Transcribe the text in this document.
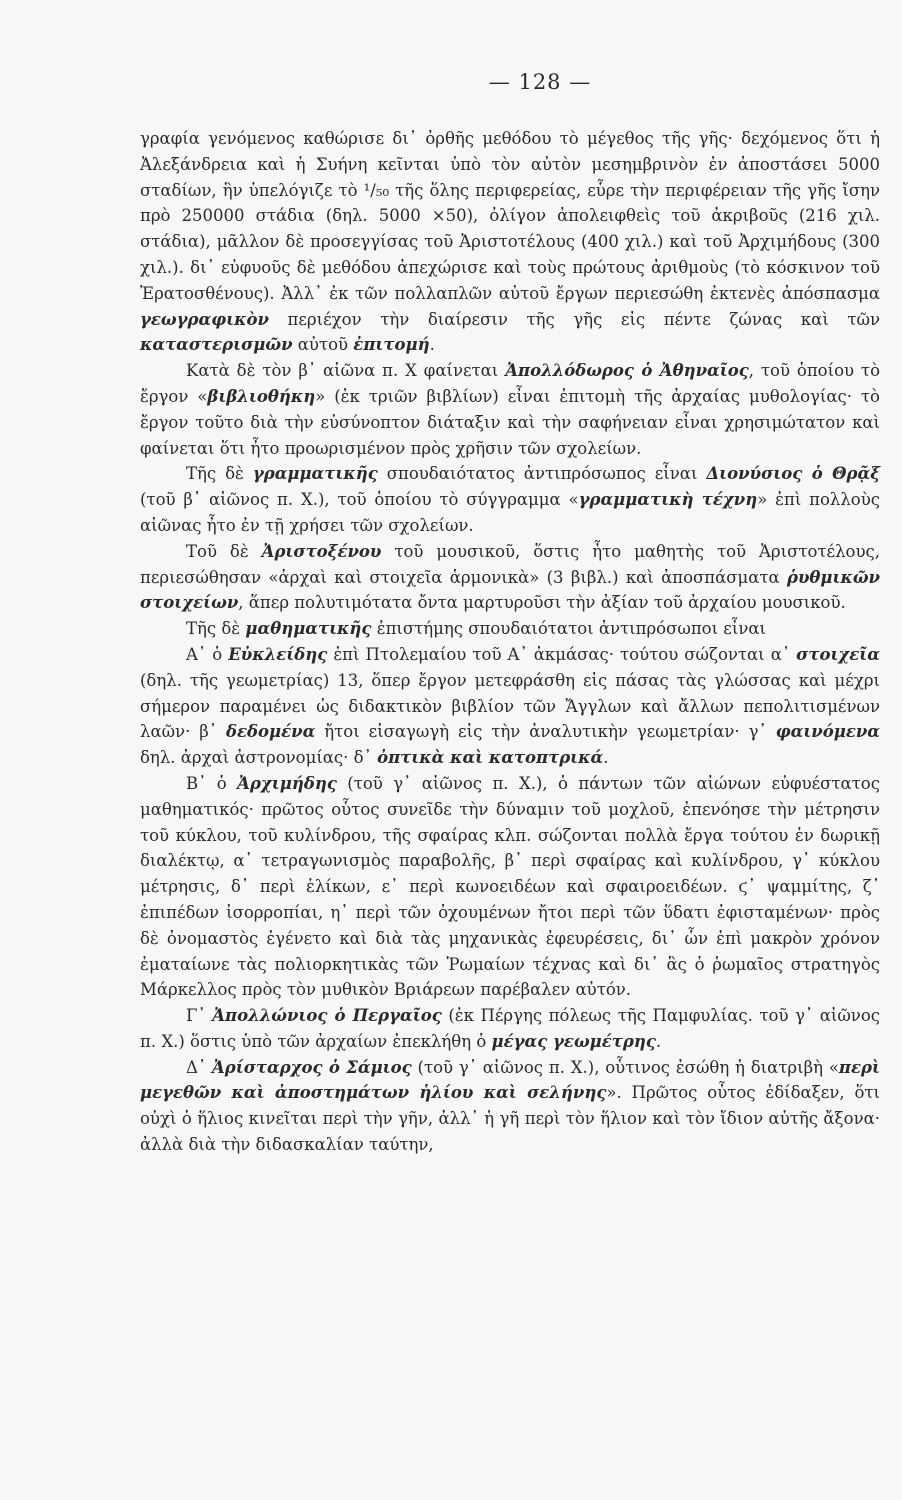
— 128 —

γραφία γενόμενος καθώρισε δι᾽ ὀρθῆς μεθόδου τὸ μέγεθος τῆς γῆς· δεχόμενος ὅτι ἡ Ἀλεξάνδρεια καὶ ἡ Συήνη κεῖνται ὑπὸ τὸν αὐτὸν μεσημβρινὸν ἐν ἀποστάσει 5000 σταδίων, ἣν ὑπελόγιζε τὸ ¹/₅₀ τῆς ὅλης περιφερείας, εὗρε τὴν περιφέρειαν τῆς γῆς ἴσην πρὸ 250000 στάδια (δηλ. 5000 ×50), ὀλίγον ἀπολειφθεὶς τοῦ ἀκριβοῦς (216 χιλ. στάδια), μᾶλλον δὲ προσεγγίσας τοῦ Ἀριστοτέλους (400 χιλ.) καὶ τοῦ Ἀρχιμήδους (300 χιλ.). δι᾽ εὐφυοῦς δὲ μεθόδου ἀπεχώρισε καὶ τοὺς πρώτους ἀριθμοὺς (τὸ κόσκινον τοῦ Ἐρατοσθένους). Ἀλλ᾽ ἐκ τῶν πολλαπλῶν αὐτοῦ ἔργων περιεσώθη ἐκτενὲς ἀπόσπασμα γεωγραφικὸν περιέχον τὴν διαίρεσιν τῆς γῆς εἰς πέντε ζώνας καὶ τῶν καταστερισμῶν αὐτοῦ ἐπιτομή.

Κατὰ δὲ τὸν β᾽ αἰῶνα π. Χ φαίνεται Ἀπολλόδωρος ὁ Ἀθηναῖος, τοῦ ὁποίου τὸ ἔργον «βιβλιοθήκη» (ἐκ τριῶν βιβλίων) εἶναι ἐπιτομὴ τῆς ἀρχαίας μυθολογίας· τὸ ἔργον τοῦτο διὰ τὴν εὐσύνοπτον διάταξιν καὶ τὴν σαφήνειαν εἶναι χρησιμώτατον καὶ φαίνεται ὅτι ἦτο προωρισμένον πρὸς χρῆσιν τῶν σχολείων.

Τῆς δὲ γραμματικῆς σπουδαιότατος ἀντιπρόσωπος εἶναι Διονύσιος ὁ Θρᾷξ (τοῦ β᾽ αἰῶνος π. Χ.), τοῦ ὁποίου τὸ σύγγραμμα «γραμματικὴ τέχνη» ἐπὶ πολλοὺς αἰῶνας ἦτο ἐν τῇ χρήσει τῶν σχολείων.

Τοῦ δὲ Ἀριστοξένου τοῦ μουσικοῦ, ὅστις ἦτο μαθητὴς τοῦ Ἀριστοτέλους, περιεσώθησαν «ἀρχαὶ καὶ στοιχεῖα ἁρμονικὰ» (3 βιβλ.) καὶ ἀποσπάσματα ῥυθμικῶν στοιχείων, ἅπερ πολυτιμότατα ὄντα μαρτυροῦσι τὴν ἀξίαν τοῦ ἀρχαίου μουσικοῦ.

Τῆς δὲ μαθηματικῆς ἐπιστήμης σπουδαιότατοι ἀντιπρόσωποι εἶναι

Α᾽ ὁ Εὐκλείδης ἐπὶ Πτολεμαίου τοῦ Α᾽ ἀκμάσας· τούτου σώζονται α᾽ στοιχεῖα (δηλ. τῆς γεωμετρίας) 13, ὅπερ ἔργον μετεφράσθη εἰς πάσας τὰς γλώσσας καὶ μέχρι σήμερον παραμένει ὡς διδακτικὸν βιβλίον τῶν Ἄγγλων καὶ ἄλλων πεπολιτισμένων λαῶν· β᾽ δεδομένα ἤτοι εἰσαγωγὴ εἰς τὴν ἀναλυτικὴν γεωμετρίαν· γ᾽ φαινόμενα δηλ. ἀρχαὶ ἀστρονομίας· δ᾽ ὀπτικὰ καὶ κατοπτρικά.

Β᾽ ὁ Ἀρχιμήδης (τοῦ γ᾽ αἰῶνος π. Χ.), ὁ πάντων τῶν αἰώνων εὐφυέστατος μαθηματικός· πρῶτος οὗτος συνεῖδε τὴν δύναμιν τοῦ μοχλοῦ, ἐπενόησε τὴν μέτρησιν τοῦ κύκλου, τοῦ κυλίνδρου, τῆς σφαίρας κλπ. σώζονται πολλὰ ἔργα τούτου ἐν δωρικῇ διαλέκτῳ, α᾽ τετραγωνισμὸς παραβολῆς, β᾽ περὶ σφαίρας καὶ κυλίνδρου, γ᾽ κύκλου μέτρησις, δ᾽ περὶ ἑλίκων, ε᾽ περὶ κωνοειδέων καὶ σφαιροειδέων. ϛ᾽ ψαμμίτης, ζ᾽ ἐπιπέδων ἰσορροπίαι, η᾽ περὶ τῶν ὀχουμένων ἤτοι περὶ τῶν ὕδατι ἐφισταμένων· πρὸς δὲ ὀνομαστὸς ἐγένετο καὶ διὰ τὰς μηχανικὰς ἐφευρέσεις, δι᾽ ὧν ἐπὶ μακρὸν χρόνον ἐματαίωνε τὰς πολιορκητικὰς τῶν Ῥωμαίων τέχνας καὶ δι᾽ ἃς ὁ ῥωμαῖος στρατηγὸς Μάρκελλος πρὸς τὸν μυθικὸν Βριάρεων παρέβαλεν αὐτόν.

Γ᾽ Ἀπολλώνιος ὁ Περγαῖος (ἐκ Πέργης πόλεως τῆς Παμφυλίας. τοῦ γ᾽ αἰῶνος π. Χ.) ὅστις ὑπὸ τῶν ἀρχαίων ἐπεκλήθη ὁ μέγας γεωμέτρης.

Δ᾽ Ἀρίσταρχος ὁ Σάμιος (τοῦ γ᾽ αἰῶνος π. Χ.), οὗτινος ἐσώθη ἡ διατριβὴ «περὶ μεγεθῶν καὶ ἀποστημάτων ἡλίου καὶ σελήνης». Πρῶτος οὗτος ἐδίδαξεν, ὅτι οὐχὶ ὁ ἥλιος κινεῖται περὶ τὴν γῆν, ἀλλ᾽ ἡ γῆ περὶ τὸν ἥλιον καὶ τὸν ἴδιον αὐτῆς ἄξονα· ἀλλὰ διὰ τὴν διδασκαλίαν ταύτην,
